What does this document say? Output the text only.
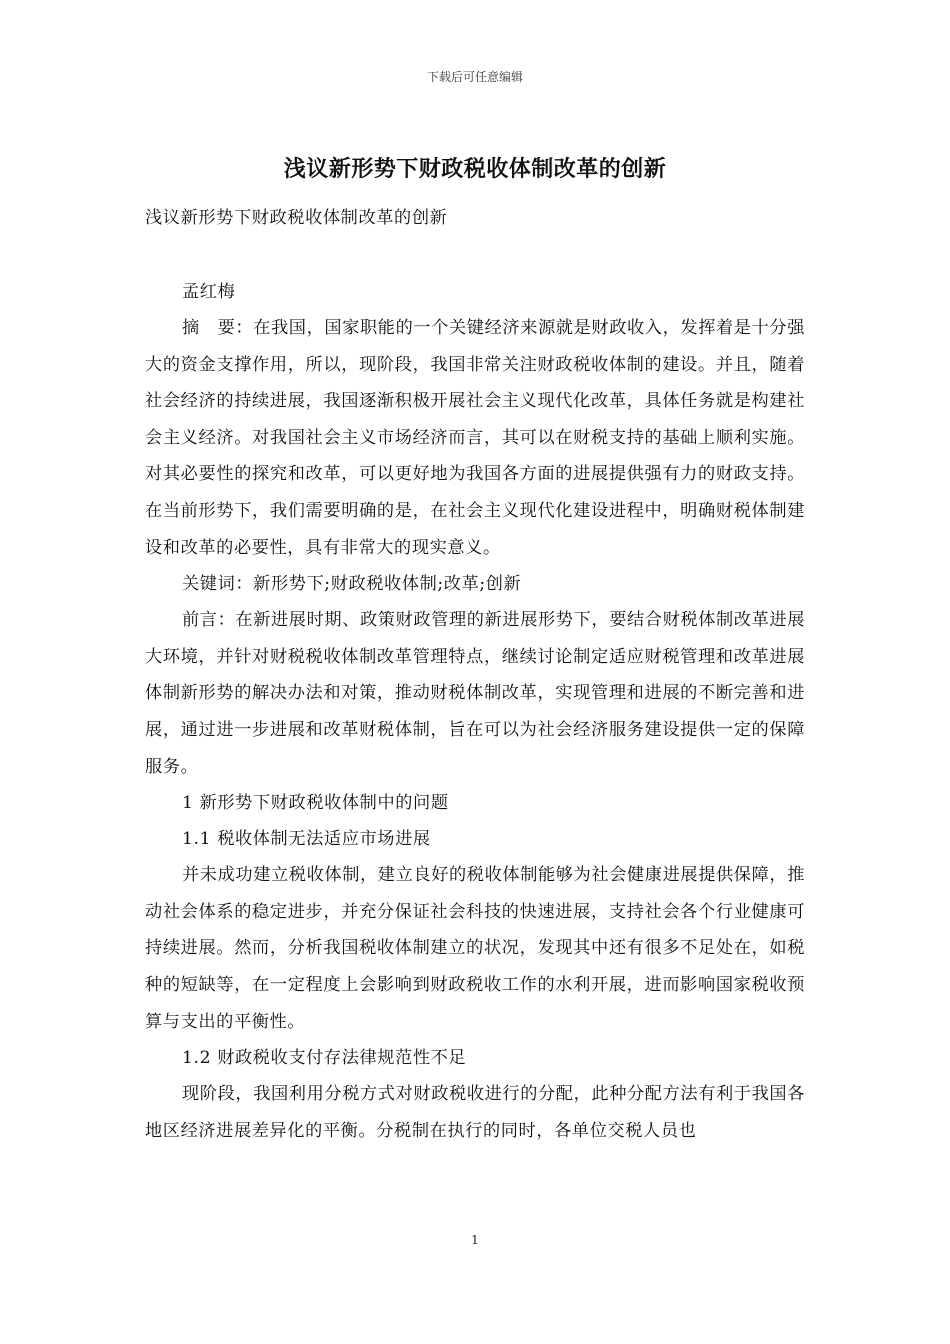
下载后可任意编辑
浅议新形势下财政税收体制改革的创新
浅议新形势下财政税收体制改革的创新
孟红梅

摘　要：在我国，国家职能的一个关键经济来源就是财政收入，发挥着是十分强大的资金支撑作用，所以，现阶段，我国非常关注财政税收体制的建设。并且，随着社会经济的持续进展，我国逐渐积极开展社会主义现代化改革，具体任务就是构建社会主义经济。对我国社会主义市场经济而言，其可以在财税支持的基础上顺利实施。对其必要性的探究和改革，可以更好地为我国各方面的进展提供强有力的财政支持。在当前形势下，我们需要明确的是，在社会主义现代化建设进程中，明确财税体制建设和改革的必要性，具有非常大的现实意义。

关键词：新形势下;财政税收体制;改革;创新

前言：在新进展时期、政策财政管理的新进展形势下，要结合财税体制改革进展大环境，并针对财税税收体制改革管理特点，继续讨论制定适应财税管理和改革进展体制新形势的解决办法和对策，推动财税体制改革，实现管理和进展的不断完善和进展，通过进一步进展和改革财税体制，旨在可以为社会经济服务建设提供一定的保障服务。

1 新形势下财政税收体制中的问题
1.1 税收体制无法适应市场进展

并未成功建立税收体制，建立良好的税收体制能够为社会健康进展提供保障，推动社会体系的稳定进步，并充分保证社会科技的快速进展，支持社会各个行业健康可持续进展。然而，分析我国税收体制建立的状况，发现其中还有很多不足处在，如税种的短缺等，在一定程度上会影响到财政税收工作的水利开展，进而影响国家税收预算与支出的平衡性。

1.2 财政税收支付存法律规范性不足

现阶段，我国利用分税方式对财政税收进行的分配，此种分配方法有利于我国各地区经济进展差异化的平衡。分税制在执行的同时，各单位交税人员也

1
